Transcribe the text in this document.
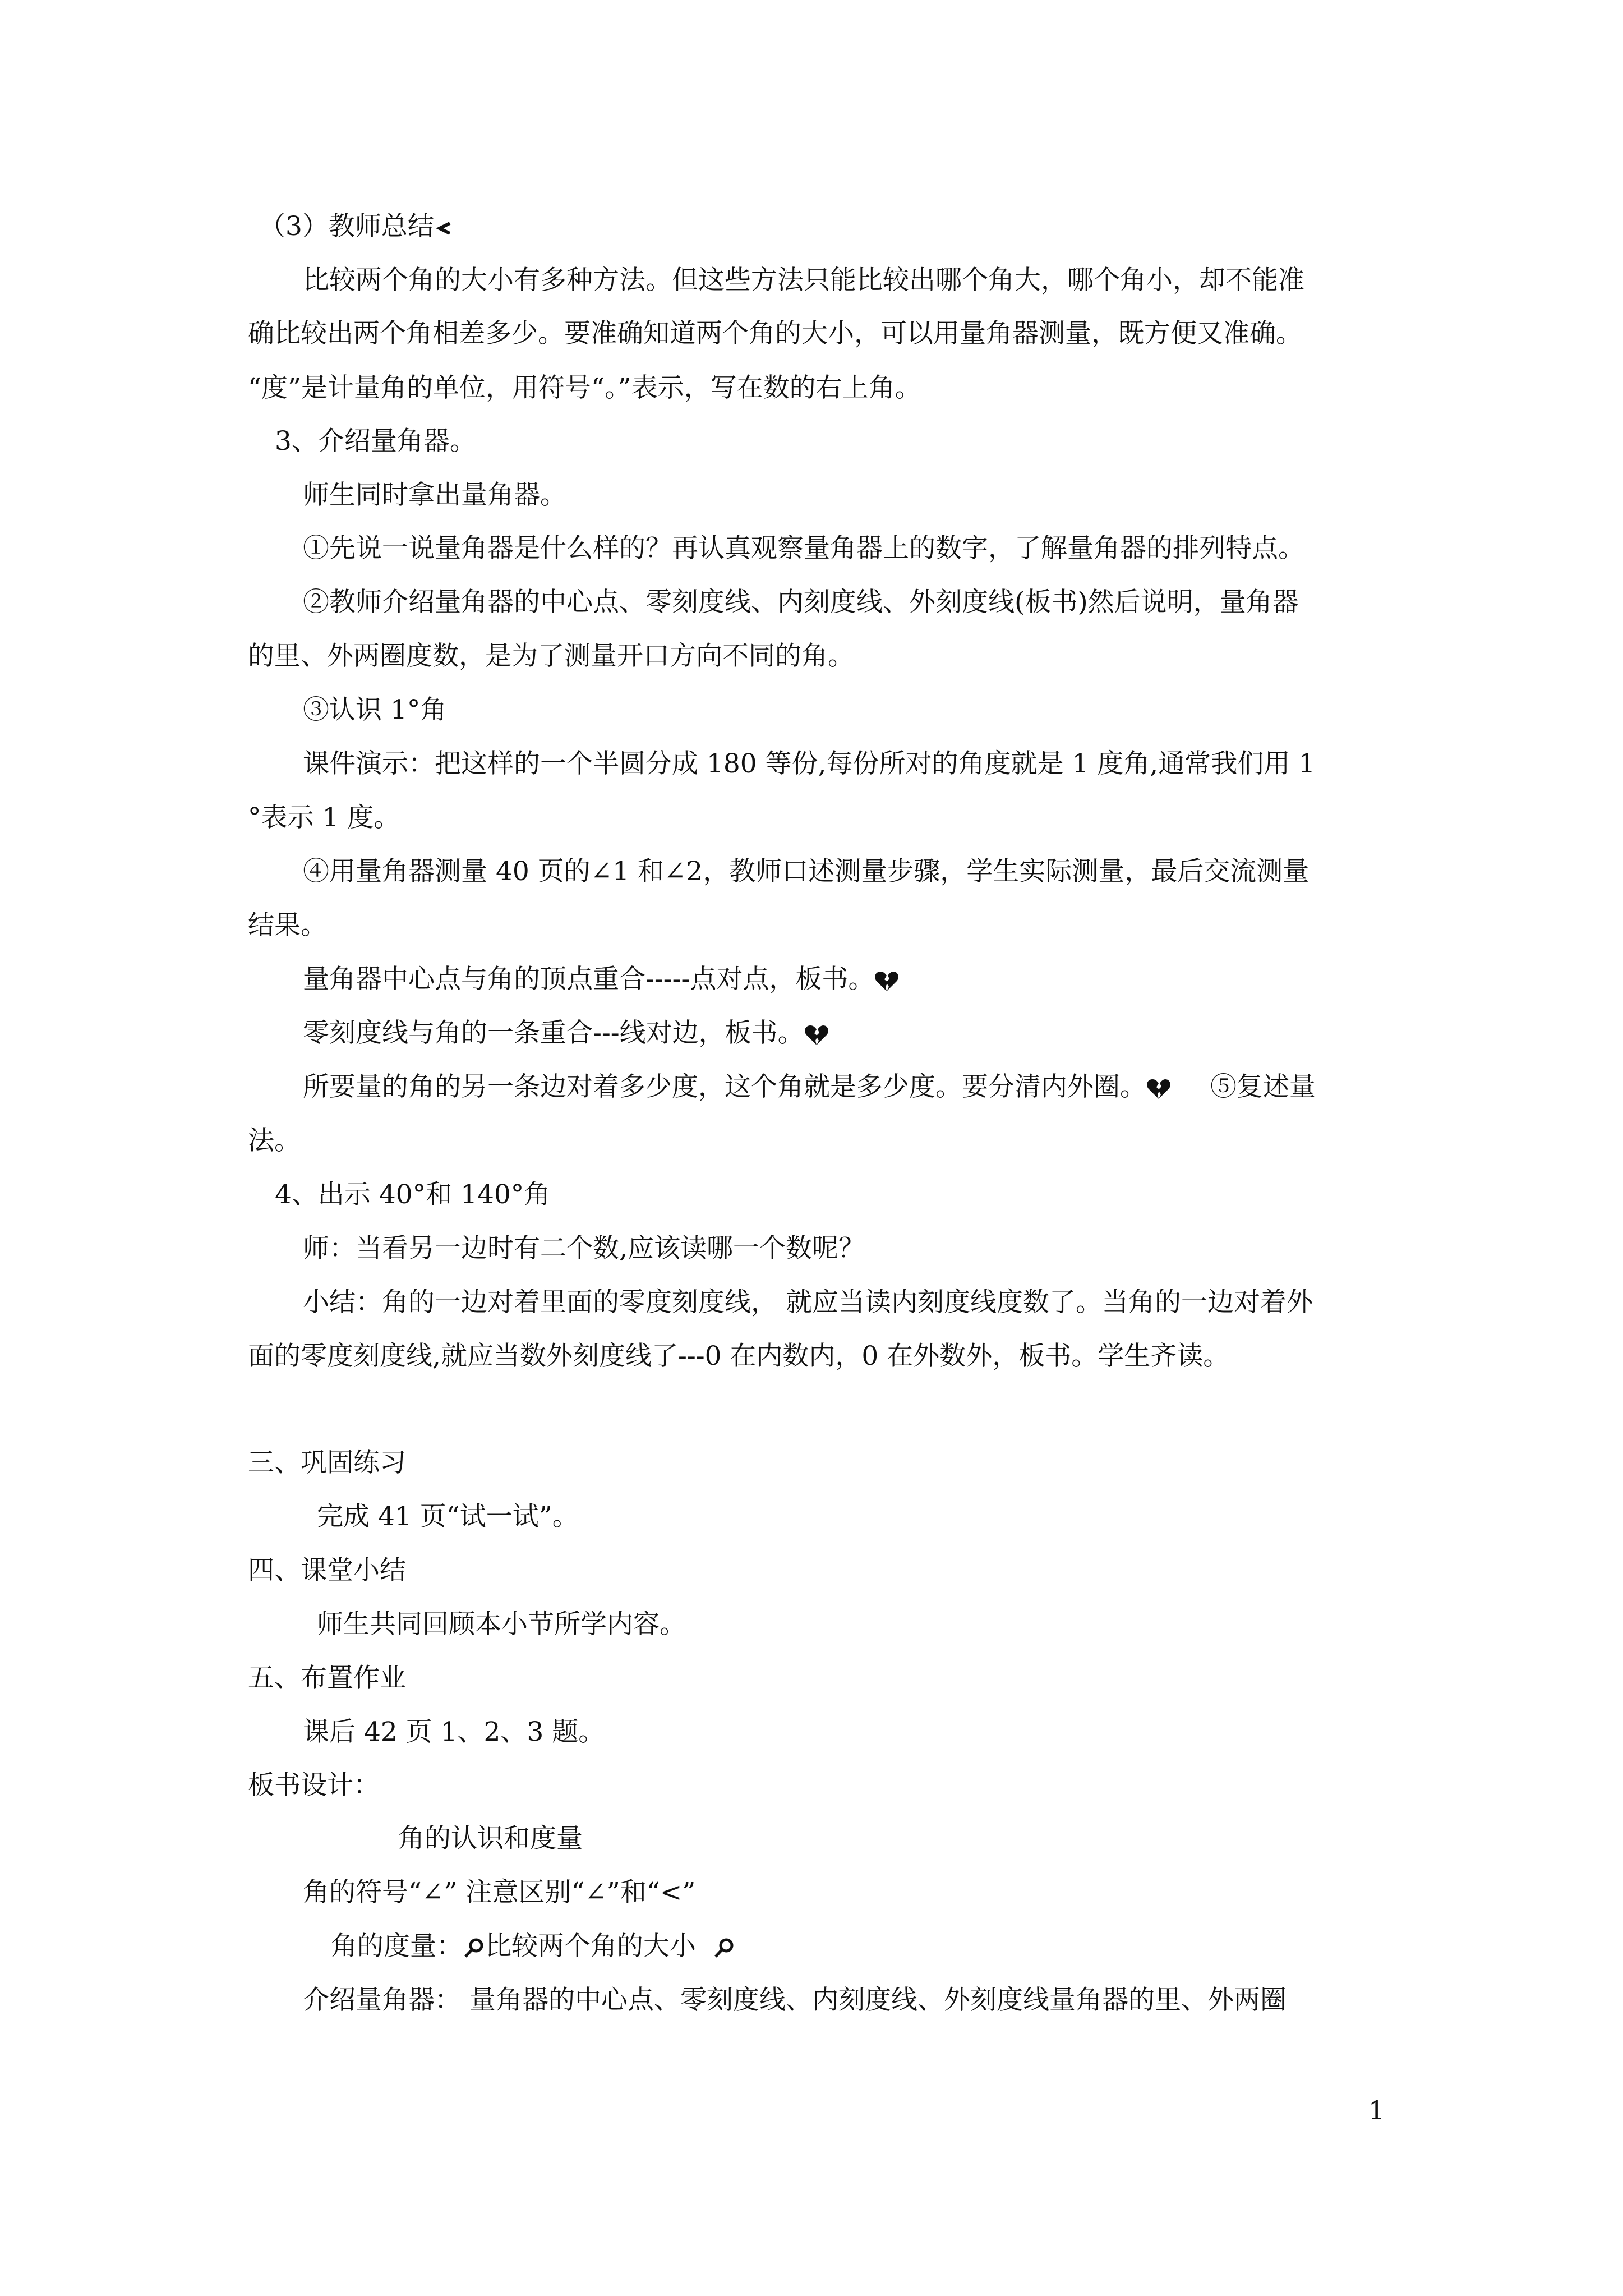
（3）教师总结
比较两个角的大小有多种方法。但这些方法只能比较出哪个角大，哪个角小，却不能准
确比较出两个角相差多少。要准确知道两个角的大小，可以用量角器测量，既方便又准确。
“度”是计量角的单位，用符号“。”表示，写在数的右上角。
3、介绍量角器。
师生同时拿出量角器。
①先说一说量角器是什么样的？再认真观察量角器上的数字，了解量角器的排列特点。
②教师介绍量角器的中心点、零刻度线、内刻度线、外刻度线(板书)然后说明，量角器
的里、外两圈度数，是为了测量开口方向不同的角。
③认识 1°角
课件演示：把这样的一个半圆分成 180 等份,每份所对的角度就是 1 度角,通常我们用 1
°表示 1 度。
④用量角器测量 40 页的∠1 和∠2，教师口述测量步骤，学生实际测量，最后交流测量
结果。
量角器中心点与角的顶点重合-----点对点，板书。
零刻度线与角的一条重合---线对边，板书。
所要量的角的另一条边对着多少度，这个角就是多少度。要分清内外圈。 ⑤复述量
法。
4、出示 40°和 140°角
师：当看另一边时有二个数,应该读哪一个数呢？
小结：角的一边对着里面的零度刻度线， 就应当读内刻度线度数了。当角的一边对着外
面的零度刻度线,就应当数外刻度线了---0 在内数内，0 在外数外，板书。学生齐读。
三、巩固练习
完成 41 页“试一试”。
四、课堂小结
师生共同回顾本小节所学内容。
五、布置作业
课后 42 页 1、2、3 题。
板书设计：
角的认识和度量
角的符号“∠” 注意区别“∠”和“<”
角的度量： 比较两个角的大小
介绍量角器： 量角器的中心点、零刻度线、内刻度线、外刻度线量角器的里、外两圈
1
